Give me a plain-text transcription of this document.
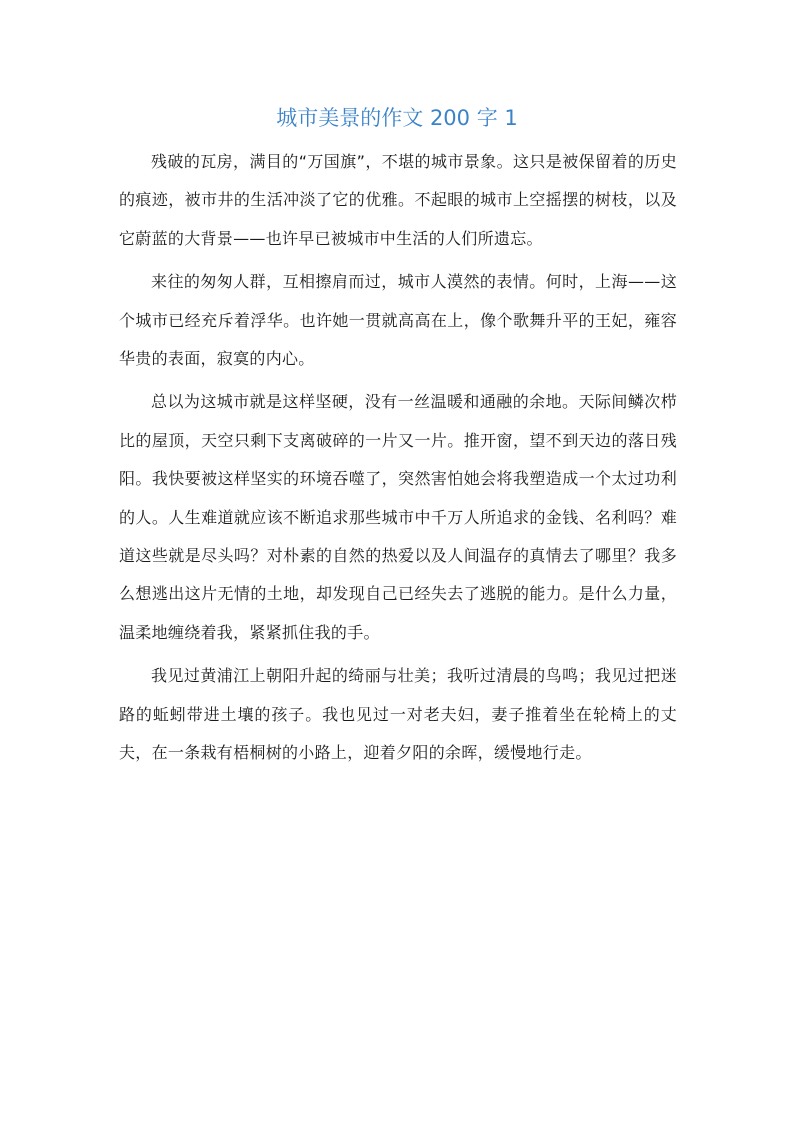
城市美景的作文 200 字 1

残破的瓦房，满目的“万国旗”，不堪的城市景象。这只是被保留着的历史的痕迹，被市井的生活冲淡了它的优雅。不起眼的城市上空摇摆的树枝，以及它蔚蓝的大背景——也许早已被城市中生活的人们所遗忘。

来往的匆匆人群，互相擦肩而过，城市人漠然的表情。何时，上海——这个城市已经充斥着浮华。也许她一贯就高高在上，像个歌舞升平的王妃，雍容华贵的表面，寂寞的内心。

总以为这城市就是这样坚硬，没有一丝温暖和通融的余地。天际间鳞次栉比的屋顶，天空只剩下支离破碎的一片又一片。推开窗，望不到天边的落日残阳。我快要被这样坚实的环境吞噬了，突然害怕她会将我塑造成一个太过功利的人。人生难道就应该不断追求那些城市中千万人所追求的金钱、名利吗？难道这些就是尽头吗？对朴素的自然的热爱以及人间温存的真情去了哪里？我多么想逃出这片无情的土地，却发现自己已经失去了逃脱的能力。是什么力量，温柔地缠绕着我，紧紧抓住我的手。

我见过黄浦江上朝阳升起的绮丽与壮美；我听过清晨的鸟鸣；我见过把迷路的蚯蚓带进土壤的孩子。我也见过一对老夫妇，妻子推着坐在轮椅上的丈夫，在一条栽有梧桐树的小路上，迎着夕阳的余晖，缓慢地行走。
